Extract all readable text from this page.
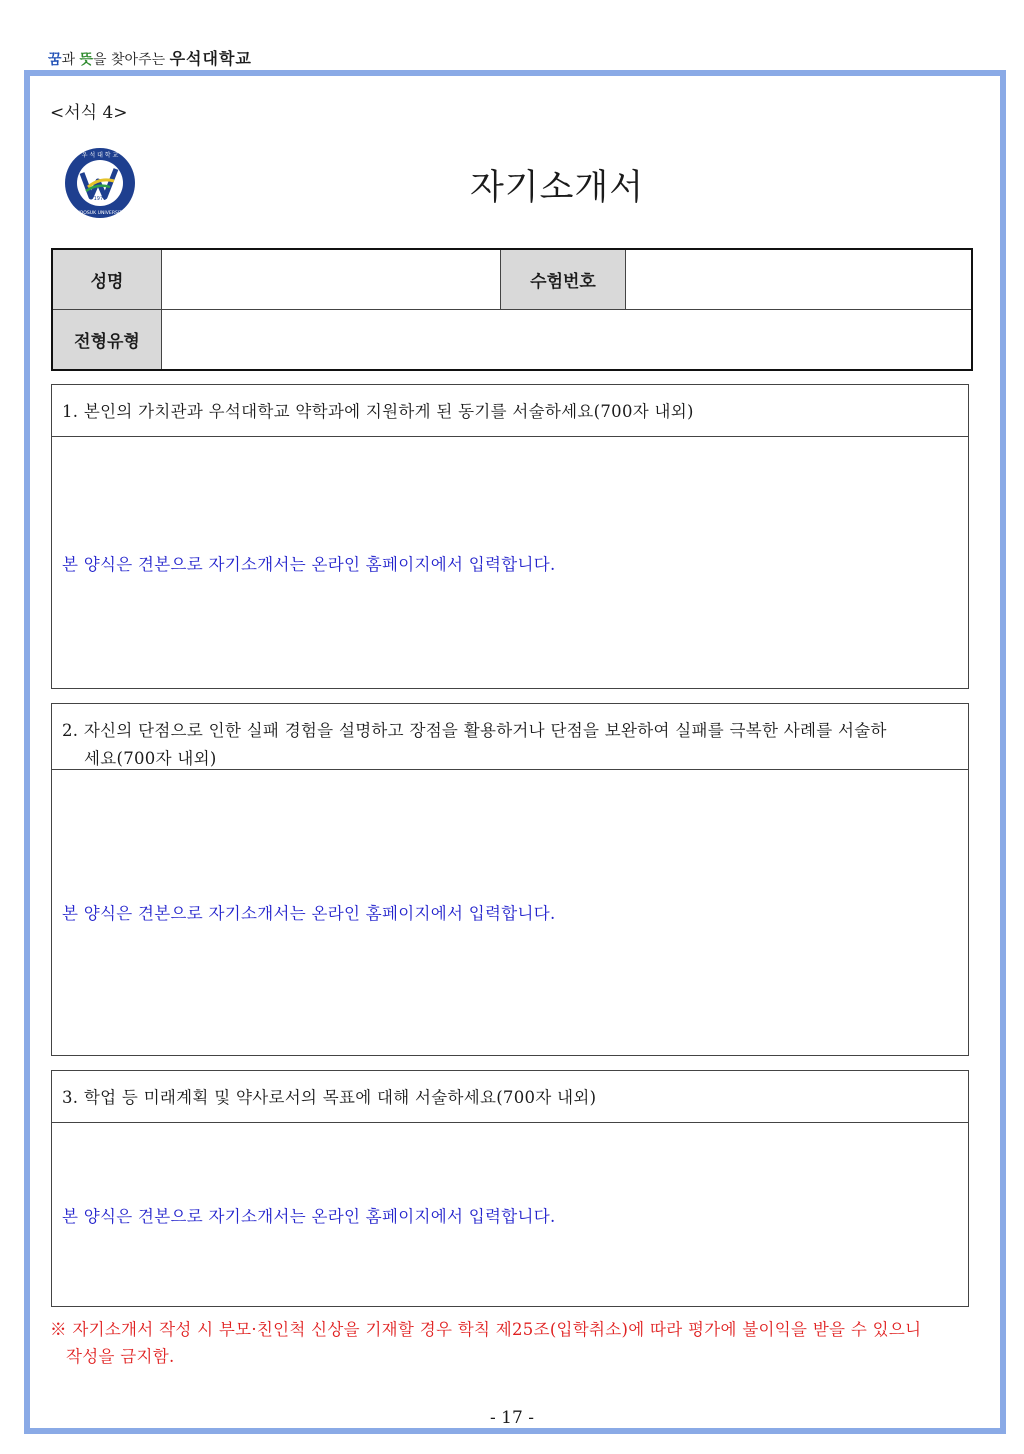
꿈과 뜻을 찾아주는 우석대학교
<서식 4>
1979
우 석 대 학 교
WOOSUK UNIVERSITY
자기소개서
성명		수험번호	
전형유형			
1. 본인의 가치관과 우석대학교 약학과에 지원하게 된 동기를 서술하세요(700자 내외)
본 양식은 견본으로 자기소개서는 온라인 홈페이지에서 입력합니다.
2. 자신의 단점으로 인한 실패 경험을 설명하고 장점을 활용하거나 단점을 보완하여 실패를 극복한 사례를 서술하
세요(700자 내외)
본 양식은 견본으로 자기소개서는 온라인 홈페이지에서 입력합니다.
3. 학업 등 미래계획 및 약사로서의 목표에 대해 서술하세요(700자 내외)
본 양식은 견본으로 자기소개서는 온라인 홈페이지에서 입력합니다.
※ 자기소개서 작성 시 부모·친인척 신상을 기재할 경우 학칙 제25조(입학취소)에 따라 평가에 불이익을 받을 수 있으니
작성을 금지함.
- 17 -
